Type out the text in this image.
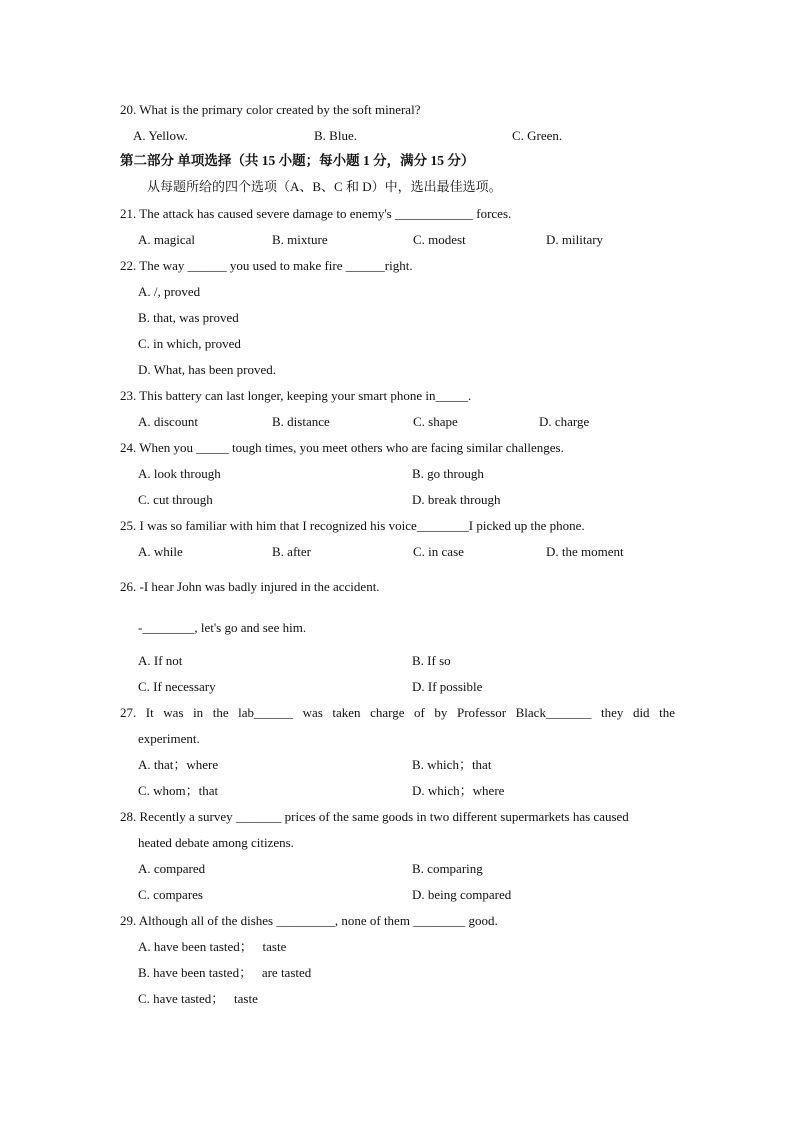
20. What is the primary color created by the soft mineral?
A. Yellow.	B. Blue.	C. Green.
第二部分 单项选择（共 15 小题；每小题 1 分，满分 15 分）
从每题所给的四个选项（A、B、C 和 D）中，选出最佳选项。
21. The attack has caused severe damage to enemy's ____________ forces.
A. magical	B. mixture	C. modest	D. military
22. The way ______ you used to make fire ______right.
A. /, proved
B. that, was proved
C. in which, proved
D. What, has been proved.
23. This battery can last longer, keeping your smart phone in_____.
A. discount	B. distance	C. shape	D. charge
24. When you _____ tough times, you meet others who are facing similar challenges.
A. look through	B. go through
C. cut through	D. break through
25. I was so familiar with him that I recognized his voice________I picked up the phone.
A. while	B. after	C. in case	D. the moment
26. -I hear John was badly injured in the accident.
-________, let's go and see him.
A. If not	B. If so
C. If necessary	D. If possible
27. It was in the lab______ was taken charge of by Professor Black_______ they did the
experiment.
A. that；where	B. which；that
C. whom；that	D. which；where
28. Recently a survey _______ prices of the same goods in two different supermarkets has caused
heated debate among citizens.
A. compared	B. comparing
C. compares	D. being compared
29. Although all of the dishes _________, none of them ________ good.
A. have been tasted；   taste
B. have been tasted；   are tasted
C. have tasted；   taste
